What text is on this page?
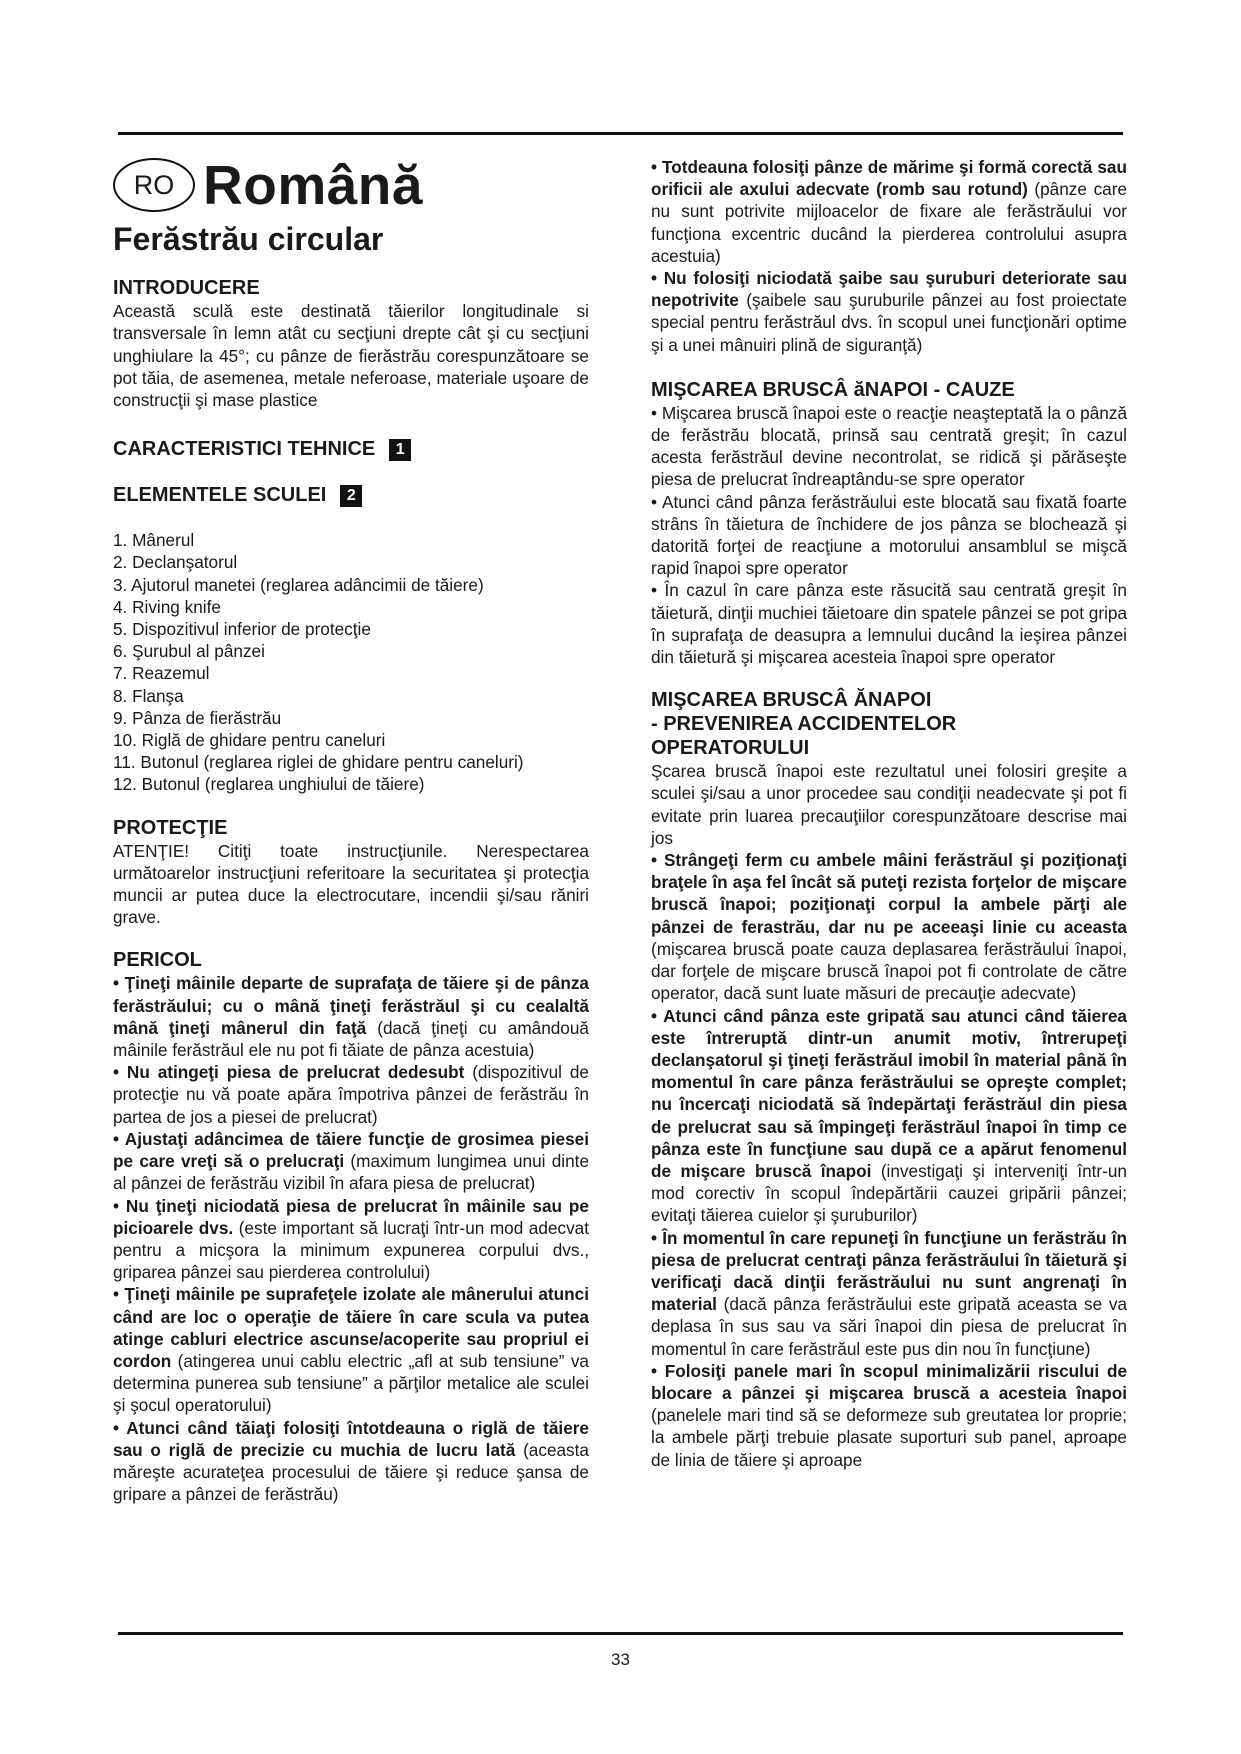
RO Română
Ferăstrău circular
INTRODUCERE

Această sculă este destinată tăierilor longitudinale si transversale în lemn atât cu secţiuni drepte cât şi cu secţiuni unghiulare la 45°; cu pânze de fierăstrău corespunzătoare se pot tăia, de asemenea, metale neferoase, materiale uşoare de construcţii şi mase plastice

CARACTERISTICI TEHNICE 1
ELEMENTELE SCULEI 2
1. Mânerul
2. Declanşatorul
3. Ajutorul manetei (reglarea adâncimii de tăiere)
4. Riving knife
5. Dispozitivul inferior de protecţie
6. Şurubul al pânzei
7. Reazemul
8. Flanşa
9. Pânza de fierăstrău
10. Riglă de ghidare pentru caneluri
11. Butonul (reglarea riglei de ghidare pentru caneluri)
12. Butonul (reglarea unghiului de tăiere)
PROTECŢIE

ATENŢIE! Citiţi toate instrucţiunile. Nerespectarea următoarelor instrucţiuni referitoare la securitatea şi protecţia muncii ar putea duce la electrocutare, incendii şi/sau răniri grave.

PERICOL

• Ţineţi mâinile departe de suprafaţa de tăiere şi de pânza ferăstrăului; cu o mână ţineţi ferăstrăul şi cu cealaltă mână ţineţi mânerul din faţă (dacă ţineţi cu amândouă mâinile ferăstrăul ele nu pot fi tăiate de pânza acestuia)

• Nu atingeţi piesa de prelucrat dedesubt (dispozitivul de protecţie nu vă poate apăra împotriva pânzei de ferăstrău în partea de jos a piesei de prelucrat)

• Ajustaţi adâncimea de tăiere funcţie de grosimea piesei pe care vreţi să o prelucraţi (maximum lungimea unui dinte al pânzei de ferăstrău vizibil în afara piesa de prelucrat)

• Nu ţineţi niciodată piesa de prelucrat în mâinile sau pe picioarele dvs. (este important să lucraţi într-un mod adecvat pentru a micşora la minimum expunerea corpului dvs., griparea pânzei sau pierderea controlului)

• Ţineţi mâinile pe suprafeţele izolate ale mânerului atunci când are loc o operaţie de tăiere în care scula va putea atinge cabluri electrice ascunse/acoperite sau propriul ei cordon (atingerea unui cablu electric „afl at sub tensiune” va determina punerea sub tensiune” a părţilor metalice ale sculei şi şocul operatorului)

• Atunci când tăiaţi folosiţi întotdeauna o riglă de tăiere sau o riglă de precizie cu muchia de lucru lată (aceasta măreşte acurateţea procesului de tăiere şi reduce şansa de gripare a pânzei de ferăstrău)

• Totdeauna folosiţi pânze de mărime şi formă corectă sau orificii ale axului adecvate (romb sau rotund) (pânze care nu sunt potrivite mijloacelor de fixare ale ferăstrăului vor funcţiona excentric ducând la pierderea controlului asupra acestuia)

• Nu folosiţi niciodată şaibe sau şuruburi deteriorate sau nepotrivite (şaibele sau şuruburile pânzei au fost proiectate special pentru ferăstrăul dvs. în scopul unei funcţionări optime şi a unei mânuiri plină de siguranţă)

MIŞCAREA BRUSCÂ ăNAPOI - CAUZE

• Mişcarea bruscă înapoi este o reacţie neaşteptată la o pânză de ferăstrău blocată, prinsă sau centrată greşit; în cazul acesta ferăstrăul devine necontrolat, se ridică şi părăseşte piesa de prelucrat îndreaptându-se spre operator

• Atunci când pânza ferăstrăului este blocată sau fixată foarte strâns în tăietura de închidere de jos pânza se blochează şi datorită forţei de reacţiune a motorului ansamblul se mişcă rapid înapoi spre operator

• În cazul în care pânza este răsucită sau centrată greşit în tăietură, dinţii muchiei tăietoare din spatele pânzei se pot gripa în suprafaţa de deasupra a lemnului ducând la ieşirea pânzei din tăietură şi mişcarea acesteia înapoi spre operator

MIŞCAREA BRUSCÂ ĂNAPOI
- PREVENIREA ACCIDENTELOR
OPERATORULUI

Şcarea bruscă înapoi este rezultatul unei folosiri greşite a sculei şi/sau a unor procedee sau condiţii neadecvate şi pot fi evitate prin luarea precauţiilor corespunzătoare descrise mai jos

• Strângeţi ferm cu ambele mâini ferăstrăul şi poziţionaţi braţele în aşa fel încât să puteţi rezista forţelor de mişcare bruscă înapoi; poziţionaţi corpul la ambele părţi ale pânzei de ferastrău, dar nu pe aceeaşi linie cu aceasta (mişcarea bruscă poate cauza deplasarea ferăstrăului înapoi, dar forţele de mişcare bruscă înapoi pot fi controlate de către operator, dacă sunt luate măsuri de precauţie adecvate)

• Atunci când pânza este gripată sau atunci când tăierea este întreruptă dintr-un anumit motiv, întrerupeţi declanşatorul şi ţineţi ferăstrăul imobil în material până în momentul în care pânza ferăstrăului se opreşte complet; nu încercaţi niciodată să îndepărtaţi ferăstrăul din piesa de prelucrat sau să împingeţi ferăstrăul înapoi în timp ce pânza este în funcţiune sau după ce a apărut fenomenul de mişcare bruscă înapoi (investigaţi şi interveniţi într-un mod corectiv în scopul îndepărtării cauzei gripării pânzei; evitaţi tăierea cuielor şi şuruburilor)

• În momentul în care repuneţi în funcţiune un ferăstrău în piesa de prelucrat centraţi pânza ferăstrăului în tăietură şi verificaţi dacă dinţii ferăstrăului nu sunt angrenaţi în material (dacă pânza ferăstrăului este gripată aceasta se va deplasa în sus sau va sări înapoi din piesa de prelucrat în momentul în care ferăstrăul este pus din nou în funcţiune)

• Folosiţi panele mari în scopul minimalizării riscului de blocare a pânzei şi mişcarea bruscă a acesteia înapoi (panelele mari tind să se deformeze sub greutatea lor proprie; la ambele părţi trebuie plasate suporturi sub panel, aproape de linia de tăiere şi aproape

33
